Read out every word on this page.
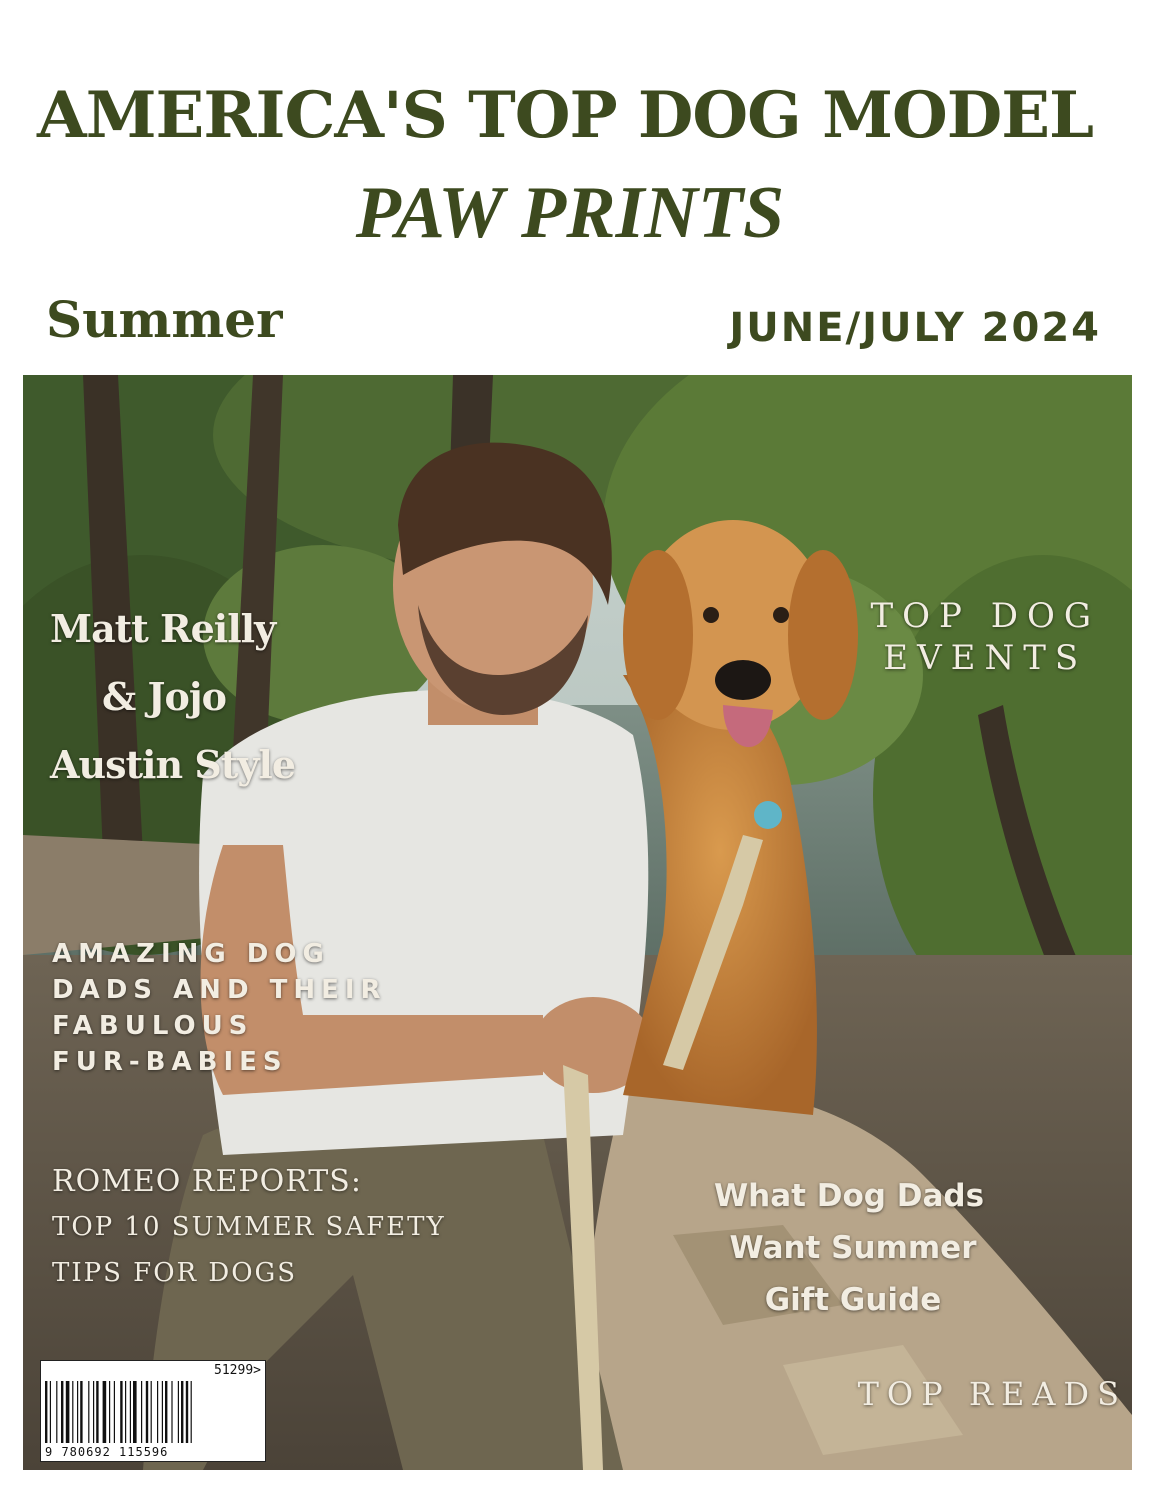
AMERICA'S TOP DOG MODEL
PAW PRINTS
Summer	JUNE/JULY 2024
Matt Reilly
& Jojo
Austin Style
TOP DOG
EVENTS
AMAZING DOG
DADS AND THEIR
FABULOUS
FUR-BABIES
ROMEO REPORTS:
TOP 10 SUMMER SAFETY
TIPS FOR DOGS
What Dog Dads
Want Summer
Gift Guide
TOP READS
51299>
9 780692 115596
